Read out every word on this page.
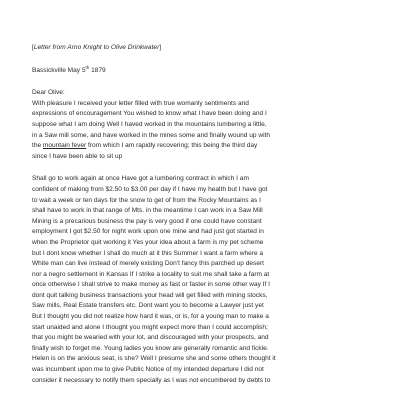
[Letter from Arno Knight to Olive Drinkwater]

Bassickville May 5th 1879

Dear Olive:

With pleasure I received your letter filled with true womanly sentiments and

expressions of encouragement You wished to know what I have been doing and I

suppose what I am doing Well I haved worked in the mountains lumbering a little,

in a Saw mill some, and have worked in the mines some and finally wound up with

the mountain fever from which I am rapidly recovering; this being the third day

since I have been able to sit up

Shall go to work again at once Have got a lumbering contract in which I am

confident of making from $2.50 to $3.00 per day if I have my health but I have got

to wait a week or ten days for the snow to get of from the Rocky Mountains as I

shall have to work in that range of Mts. in the meantime I can work in a Saw Mill

Mining is a precarious business the pay is very good if one could have constant

employment I got $2.50 for night work upon one mine and had just got started in

when the Proprietor quit working it Yes your idea about a farm is my pet scheme

but I dont know whether I shall do much at it this Summer I want a farm where a

White man can live instead of merely existing Don't fancy this parched up desert

nor a negro settlement in Kansas If I strike a locality to suit me shall take a farm at

once otherwise I shall strive to make money as fast or faster in some other way If I

dont quit talking business transactions your head will get filled with mining stocks,

Saw mills, Real Estate transfers etc. Dont want you to become a Lawyer just yet

But I thought you did not realize how hard it was, or is, for a young man to make a

start unaided and alone I thought you might expect more than I could accomplish;

that you might be wearied with your lot, and discouraged with your prospects, and

finally wish to forget me. Young ladies you know are generally romantic and fickle.

Helen is on the anxious seat, is she? Well I presume she and some others thought it

was incumbent upon me to give Public Notice of my intended departure I did not

consider it necessary to notify them specially as I was not encumbered by debts to
